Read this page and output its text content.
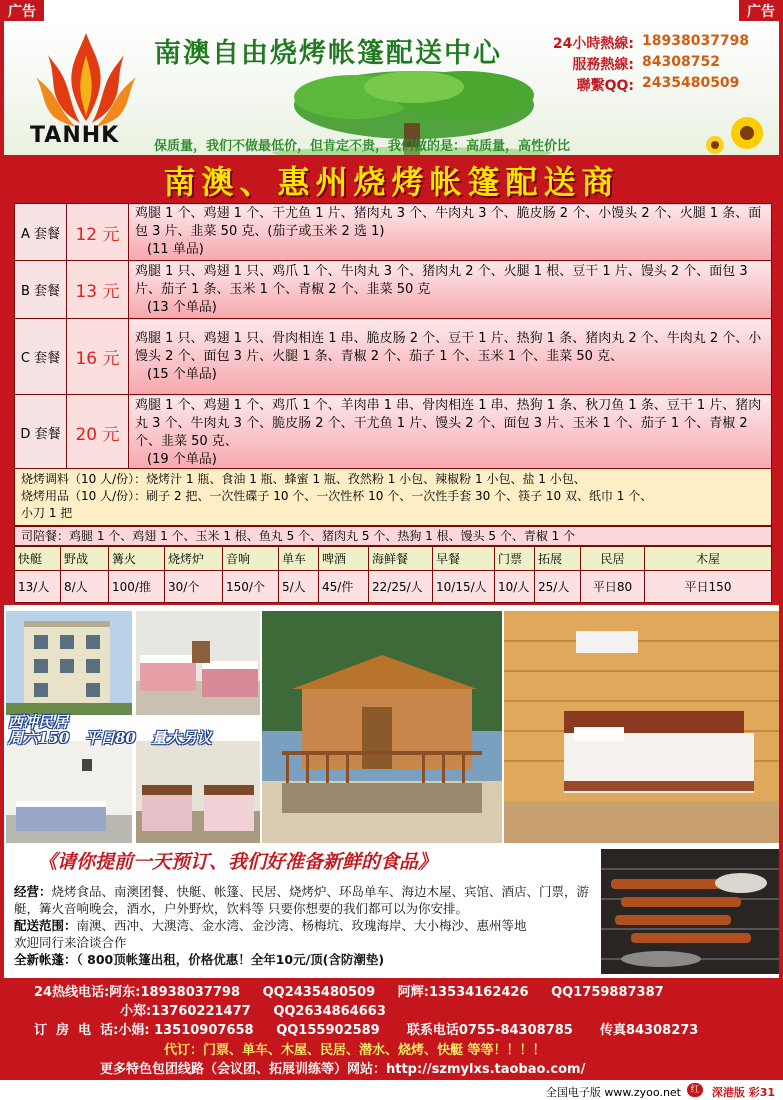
广告	广告
TANHK
南澳自由烧烤帐篷配送中心	24小時熱線: 18938037798
服務熱線: 84308752
聯繫QQ: 2435480509
保质量，我们不做最低价，但肯定不贵，我们做的是：高质量，高性价比
南澳、惠州烧烤帐篷配送商
A 套餐	12 元	鸡腿 1 个、鸡翅 1 个、干尤鱼 1 片、猪肉丸 3 个、牛肉丸 3 个、脆皮肠 2 个、小馒头 2 个、火腿 1 条、面包 3 片、韭菜 50 克、(茄子或玉米 2 选 1)
(11 单品)

B 套餐	13 元	鸡腿 1 只、鸡翅 1 只、鸡爪 1 个、牛肉丸 3 个、猪肉丸 2 个、火腿 1 根、豆干 1 片、馒头 2 个、面包 3 片、茄子 1 条、玉米 1 个、青椒 2 个、韭菜 50 克
(13 个单品)

C 套餐	16 元	鸡腿 1 只、鸡翅 1 只、骨肉相连 1 串、脆皮肠 2 个、豆干 1 片、热狗 1 条、猪肉丸 2 个、牛肉丸 2 个、小馒头 2 个、面包 3 片、火腿 1 条、青椒 2 个、茄子 1 个、玉米 1 个、韭菜 50 克、
(15 个单品)

D 套餐	20 元	鸡腿 1 个、鸡翅 1 个、鸡爪 1 个、羊肉串 1 串、骨肉相连 1 串、热狗 1 条、秋刀鱼 1 条、豆干 1 片、猪肉丸 3 个、牛肉丸 3 个、脆皮肠 2 个、干尤鱼 1 片、馒头 2 个、面包 3 片、玉米 1 个、茄子 1 个、青椒 2 个、韭菜 50 克、
(19 个单品)
烧烤调料（10 人/份）：烧烤汁 1 瓶、食油 1 瓶、蜂蜜 1 瓶、孜然粉 1 小包、辣椒粉 1 小包、盐 1 小包、
烧烤用品（10 人/份）：刷子 2 把、一次性碟子 10 个、一次性杯 10 个、一次性手套 30 个、筷子 10 双、纸巾 1 个、
小刀 1 把
司陪餐：鸡腿 1 个、鸡翅 1 个、玉米 1 根、鱼丸 5 个、猪肉丸 5 个、热狗 1 根、馒头 5 个、青椒 1 个
快艇	野战	篝火	烧烤炉	音响	单车	啤酒	海鲜餐	早餐	门票	拓展	民居	木屋
13/人	8/人	100/推	30/个	150/个	5/人	45/件	22/25/人	10/15/人	10/人	25/人	平日80	平日150
西冲民居
周六150   平日80   量大另议
《请你提前一天预订、我们好准备新鲜的食品》
经营：烧烤食品、南澳团餐、快艇、帐篷、民居、烧烤炉、环岛单车、海边木屋、宾馆、酒店、门票，游艇，篝火音响晚会，酒水，户外野炊，饮料等 只要你想要的我们都可以为你安排。
配送范围：南澳、西冲、大澳湾、金水湾、金沙湾、杨梅坑、玫瑰海岸、大小梅沙、惠州等地
欢迎同行来洽谈合作
全新帐蓬：（ 800顶帐篷出租，价格优惠！全年10元/顶(含防潮垫)
24热线电话:阿东:18938037798     QQ2435480509     阿辉:13534162426     QQ1759887387
小郑:13760221477     QQ2634864663
订  房  电  话:小娟: 13510907658     QQ155902589      联系电话0755-84308785      传真84308273
代订：门票、单车、木屋、民居、潜水、烧烤、快艇 等等！！！！
更多特色包团线路（会议团、拓展训练等）网站：http://szmylxs.taobao.com/
全国电子版 www.zyoo.net	红	深港版 彩31
